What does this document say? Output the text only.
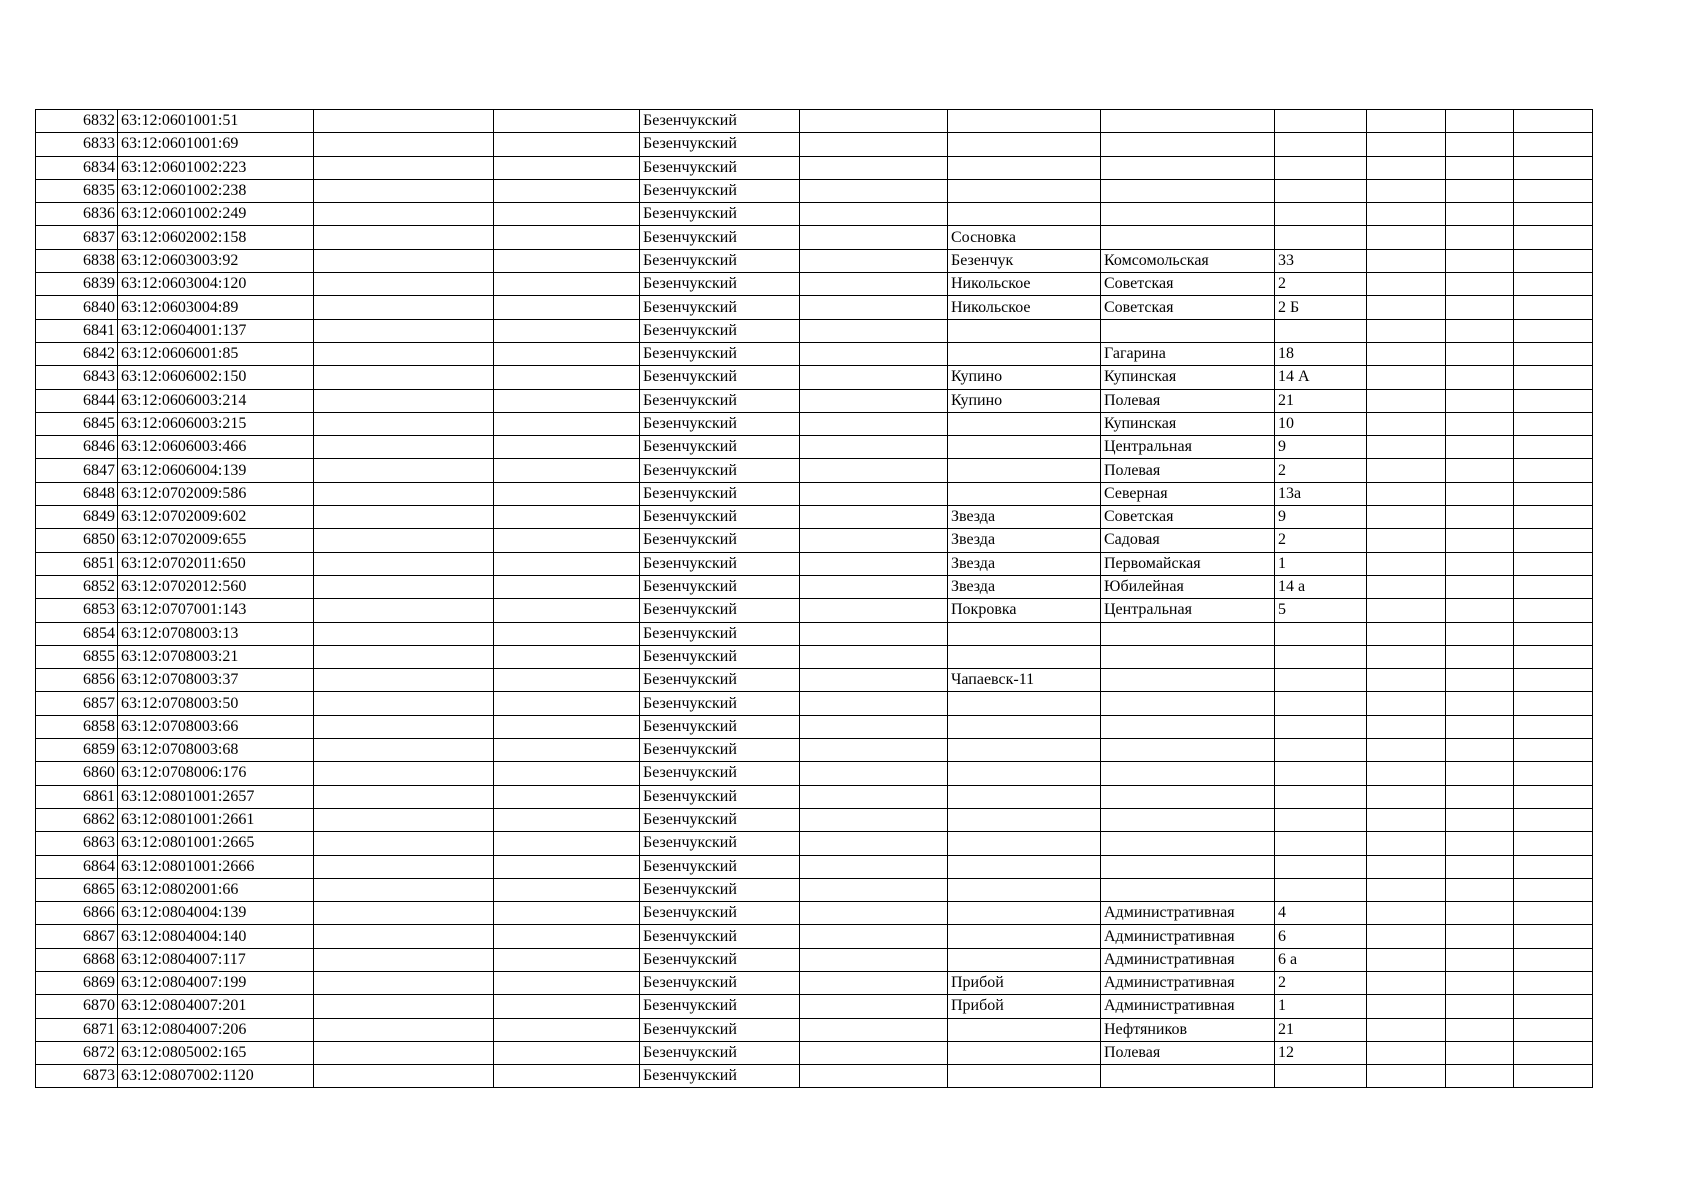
6832	63:12:0601001:51			Безенчукский							
6833	63:12:0601001:69			Безенчукский							
6834	63:12:0601002:223			Безенчукский							
6835	63:12:0601002:238			Безенчукский							
6836	63:12:0601002:249			Безенчукский							
6837	63:12:0602002:158			Безенчукский		Сосновка					
6838	63:12:0603003:92			Безенчукский		Безенчук	Комсомольская	33			
6839	63:12:0603004:120			Безенчукский		Никольское	Советская	2			
6840	63:12:0603004:89			Безенчукский		Никольское	Советская	2 Б			
6841	63:12:0604001:137			Безенчукский							
6842	63:12:0606001:85			Безенчукский			Гагарина	18			
6843	63:12:0606002:150			Безенчукский		Купино	Купинская	14 А			
6844	63:12:0606003:214			Безенчукский		Купино	Полевая	21			
6845	63:12:0606003:215			Безенчукский			Купинская	10			
6846	63:12:0606003:466			Безенчукский			Центральная	9			
6847	63:12:0606004:139			Безенчукский			Полевая	2			
6848	63:12:0702009:586			Безенчукский			Северная	13а			
6849	63:12:0702009:602			Безенчукский		Звезда	Советская	9			
6850	63:12:0702009:655			Безенчукский		Звезда	Садовая	2			
6851	63:12:0702011:650			Безенчукский		Звезда	Первомайская	1			
6852	63:12:0702012:560			Безенчукский		Звезда	Юбилейная	14 а			
6853	63:12:0707001:143			Безенчукский		Покровка	Центральная	5			
6854	63:12:0708003:13			Безенчукский							
6855	63:12:0708003:21			Безенчукский							
6856	63:12:0708003:37			Безенчукский		Чапаевск-11					
6857	63:12:0708003:50			Безенчукский							
6858	63:12:0708003:66			Безенчукский							
6859	63:12:0708003:68			Безенчукский							
6860	63:12:0708006:176			Безенчукский							
6861	63:12:0801001:2657			Безенчукский							
6862	63:12:0801001:2661			Безенчукский							
6863	63:12:0801001:2665			Безенчукский							
6864	63:12:0801001:2666			Безенчукский							
6865	63:12:0802001:66			Безенчукский							
6866	63:12:0804004:139			Безенчукский			Административная	4			
6867	63:12:0804004:140			Безенчукский			Административная	6			
6868	63:12:0804007:117			Безенчукский			Административная	6 а			
6869	63:12:0804007:199			Безенчукский		Прибой	Административная	2			
6870	63:12:0804007:201			Безенчукский		Прибой	Административная	1			
6871	63:12:0804007:206			Безенчукский			Нефтяников	21			
6872	63:12:0805002:165			Безенчукский			Полевая	12			
6873	63:12:0807002:1120			Безенчукский							
